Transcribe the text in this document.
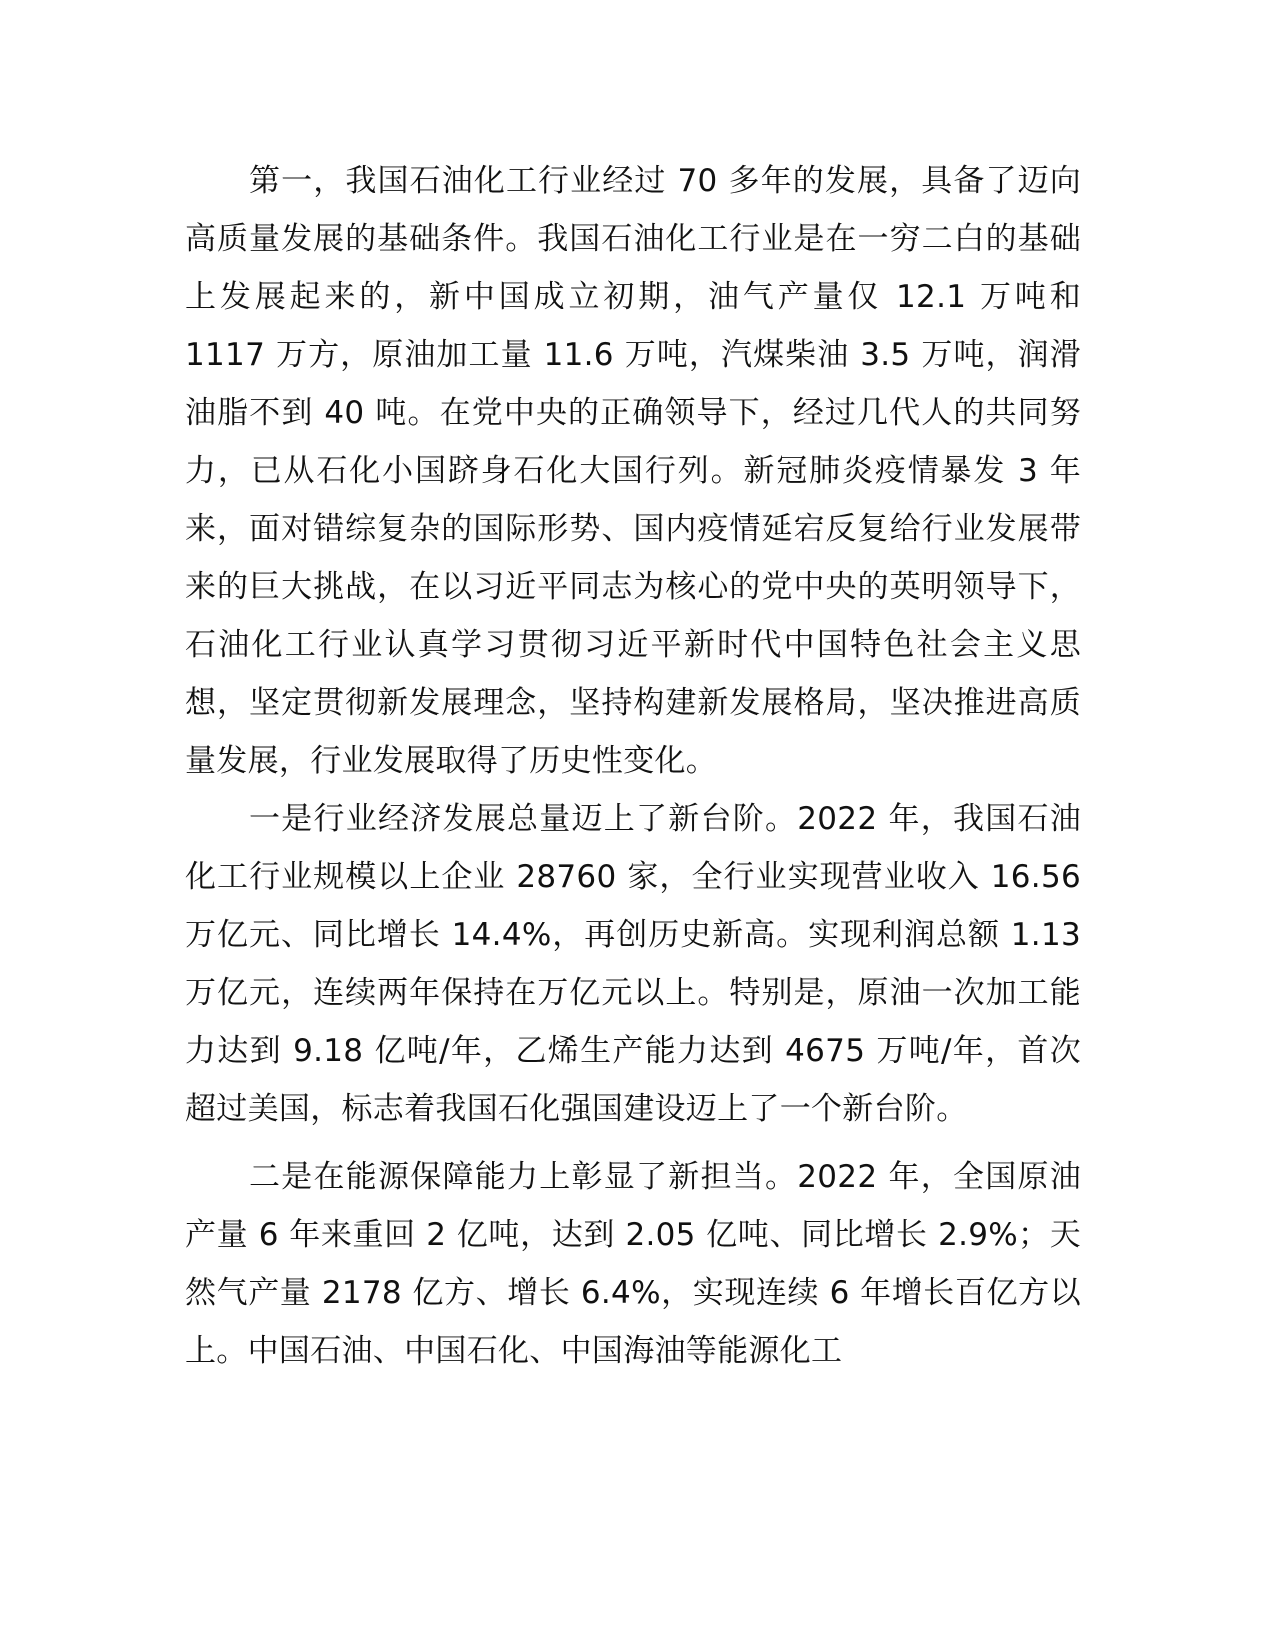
第一，我国石油化工行业经过 70 多年的发展，具备了迈向高质量发展的基础条件。我国石油化工行业是在一穷二白的基础上发展起来的，新中国成立初期，油气产量仅 12.1 万吨和 1117 万方，原油加工量 11.6 万吨，汽煤柴油 3.5 万吨，润滑油脂不到 40 吨。在党中央的正确领导下，经过几代人的共同努力，已从石化小国跻身石化大国行列。新冠肺炎疫情暴发 3 年来，面对错综复杂的国际形势、国内疫情延宕反复给行业发展带来的巨大挑战，在以习近平同志为核心的党中央的英明领导下，石油化工行业认真学习贯彻习近平新时代中国特色社会主义思想，坚定贯彻新发展理念，坚持构建新发展格局，坚决推进高质量发展，行业发展取得了历史性变化。

一是行业经济发展总量迈上了新台阶。2022 年，我国石油化工行业规模以上企业 28760 家，全行业实现营业收入 16.56 万亿元、同比增长 14.4%，再创历史新高。实现利润总额 1.13 万亿元，连续两年保持在万亿元以上。特别是，原油一次加工能力达到 9.18 亿吨/年，乙烯生产能力达到 4675 万吨/年，首次超过美国，标志着我国石化强国建设迈上了一个新台阶。

二是在能源保障能力上彰显了新担当。2022 年，全国原油产量 6 年来重回 2 亿吨，达到 2.05 亿吨、同比增长 2.9%；天然气产量 2178 亿方、增长 6.4%，实现连续 6 年增长百亿方以上。中国石油、中国石化、中国海油等能源化工
